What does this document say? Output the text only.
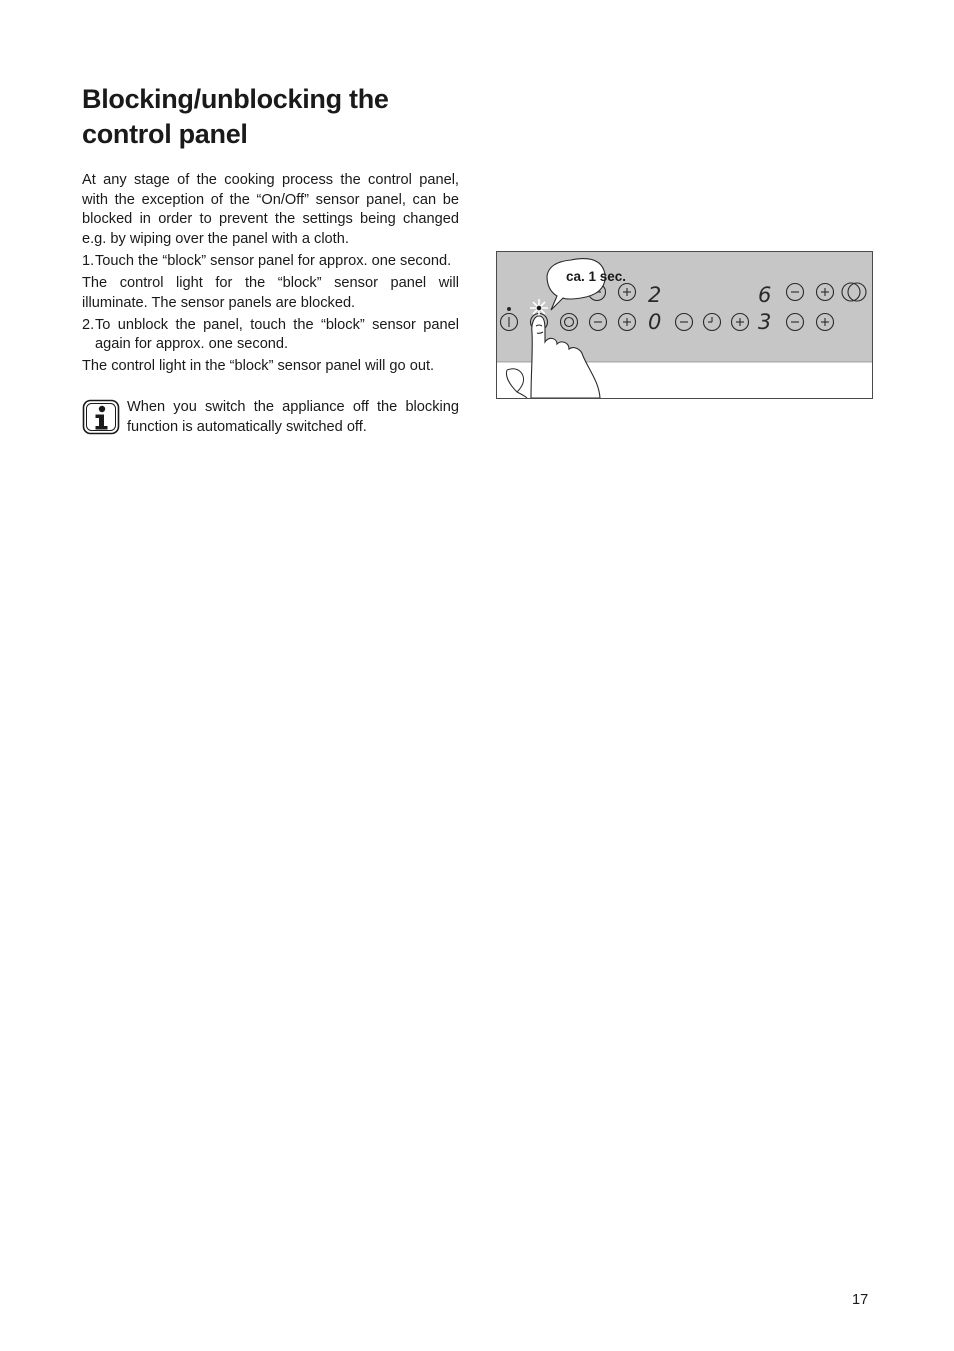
Blocking/unblocking the
control panel

At any stage of the cooking process the control panel, with the exception of the “On/Off” sensor panel, can be blocked in order to prevent the settings being changed e.g. by wiping over the panel with a cloth.

1. Touch the “block” sensor panel for approx. one second.

The control light for the “block” sensor panel will illuminate. The sensor panels are blocked.

2. To unblock the panel, touch the “block” sensor panel again for approx. one second.

The control light in the “block” sensor panel will go out.

When you switch the appliance off the blocking function is automatically switched off.
2	6
0	3
ca. 1 sec.
17
